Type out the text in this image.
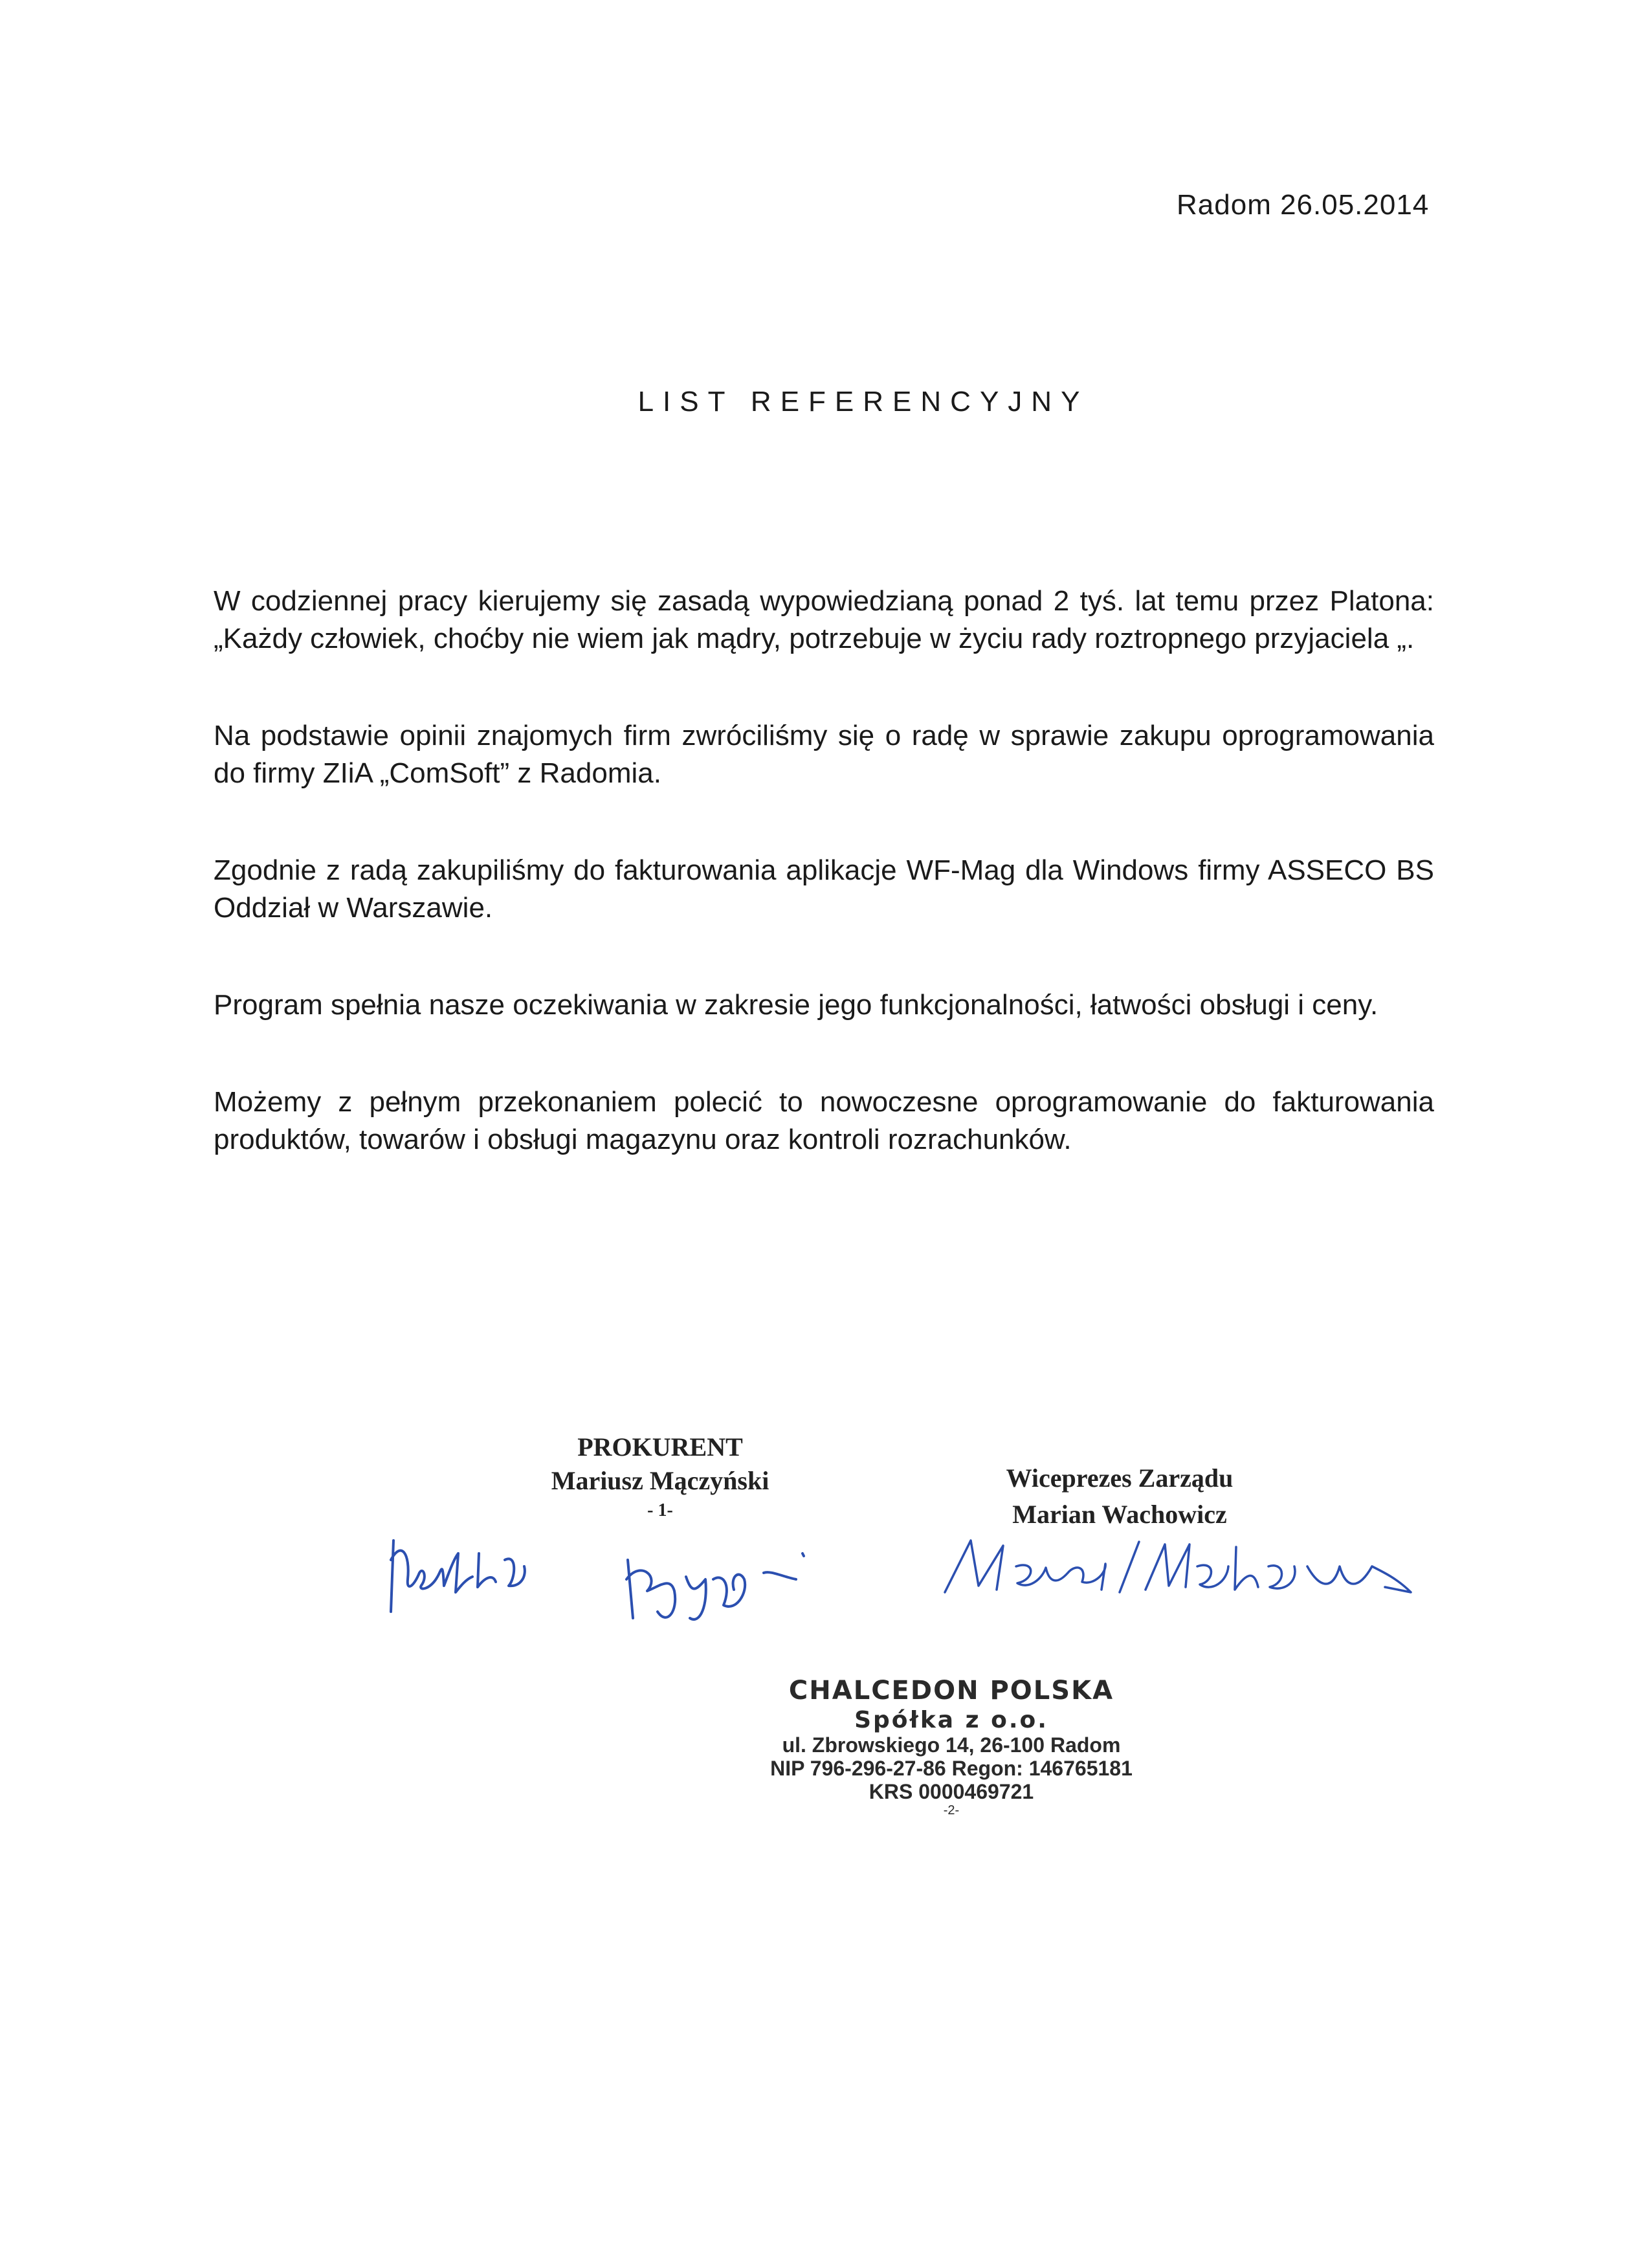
Radom 26.05.2014
LIST REFERENCYJNY

W codziennej pracy kierujemy się zasadą wypowiedzianą ponad 2 tyś. lat temu przez Platona: „Każdy człowiek, choćby nie wiem jak mądry, potrzebuje w życiu rady roztropnego przyjaciela „.

Na podstawie opinii znajomych firm zwróciliśmy się o radę w sprawie zakupu oprogramowania do firmy ZIiA „ComSoft” z Radomia.

Zgodnie z radą zakupiliśmy do fakturowania aplikacje WF-Mag dla Windows firmy ASSECO BS Oddział w Warszawie.

Program spełnia nasze oczekiwania w zakresie jego funkcjonalności, łatwości obsługi i ceny.

Możemy z pełnym przekonaniem polecić to nowoczesne oprogramowanie do fakturowania produktów, towarów i obsługi magazynu oraz kontroli rozrachunków.

PROKURENT
Mariusz Mączyński
- 1-
Wiceprezes Zarządu
Marian Wachowicz
CHALCEDON POLSKA
Spółka z o.o.
ul. Zbrowskiego 14, 26-100 Radom
NIP 796-296-27-86 Regon: 146765181
KRS 0000469721
-2-
